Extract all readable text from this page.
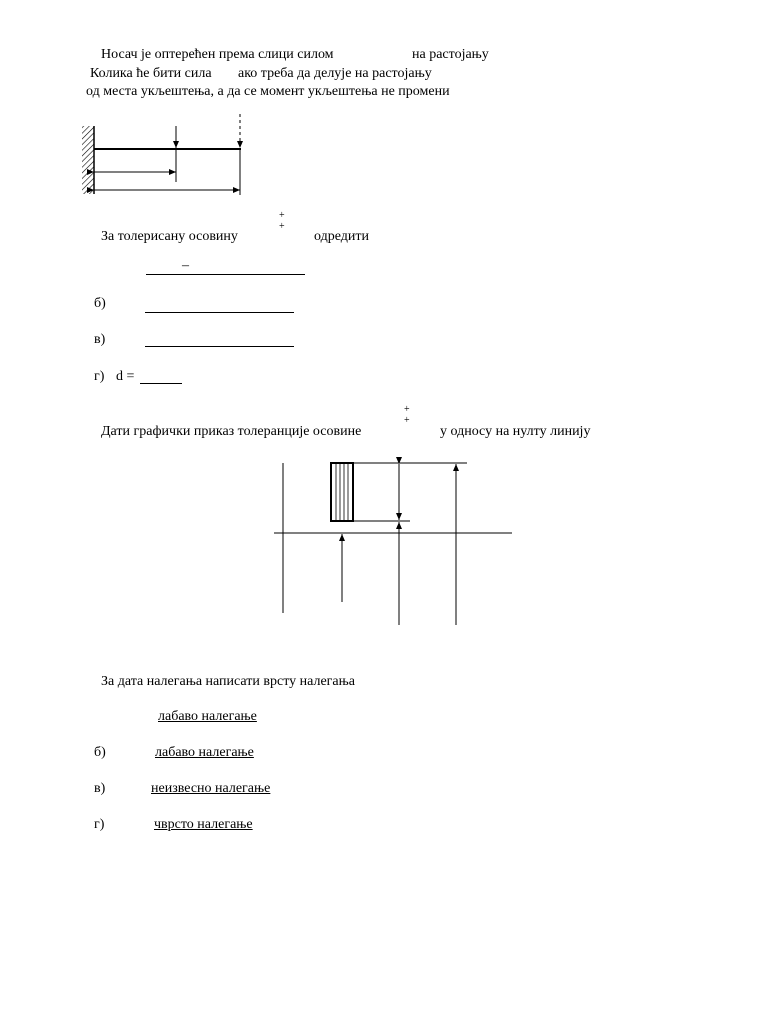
Носач је оптерећен према слици силом	на растојању
Колика ће бити сила ако треба да делује на растојању
од места укљештења, а да се момент укљештења не промени
+
+
За толерисану осовину	одредити
–
б)
в)
г) d =
+
+
Дати графички приказ толеранције осовине	у односу на нулту линију
За дата налегања написати врсту налегања
лабаво налегање
б)	лабаво налегање
в)	неизвесно налегање
г)	чврсто налегање
